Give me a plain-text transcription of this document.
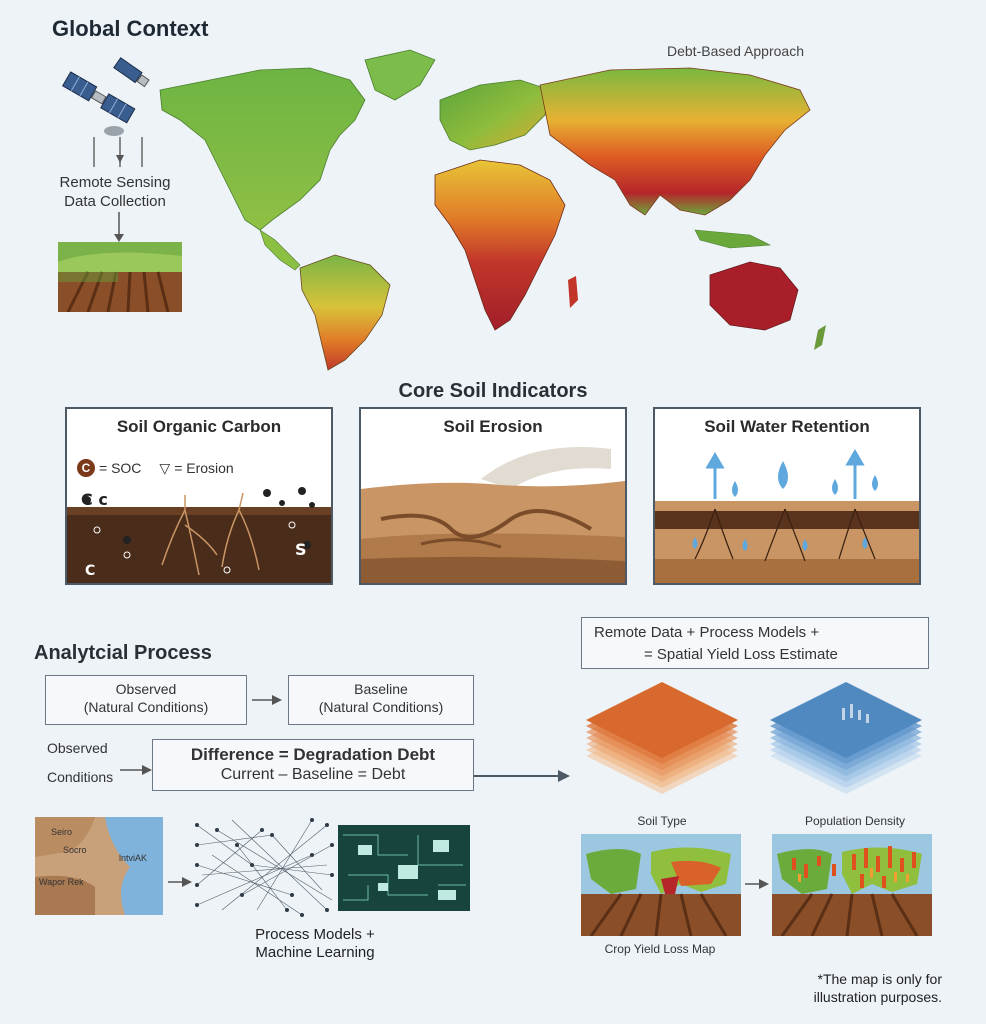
Global Context
Debt-Based Approach
Remote Sensing
Data Collection
Core Soil Indicators
Soil Organic Carbon
C = SOC ▽ = Erosion
C c
S
C
Soil Erosion	Soil Water Retention
Analytcial Process
Observed
(Natural Conditions)
Baseline
(Natural Conditions)
Observed
Conditions
Difference = Degradation Debt
Current – Baseline = Debt
Seiro
Socro
Wapor Rek
lntviAK
Process Models +
Machine Learning
Remote Data + Process Models +
= Spatial Yield Loss Estimate
Soil Type	Population Density
Crop Yield Loss Map
*The map is only for
illustration purposes.
